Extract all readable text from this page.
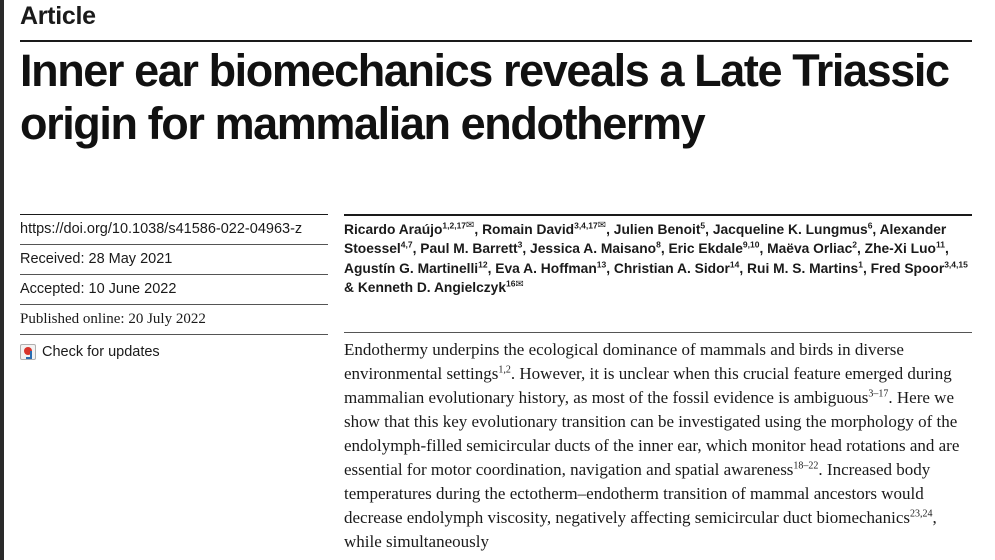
Article
Inner ear biomechanics reveals a Late Triassic origin for mammalian endothermy
https://doi.org/10.1038/s41586-022-04963-z
Received: 28 May 2021
Accepted: 10 June 2022
Published online: 20 July 2022
Check for updates
Ricardo Araújo$^{1,2,17}$✉, Romain David$^{3,4,17}$✉, Julien Benoit$^5$, Jacqueline K. Lungmus$^6$, Alexander Stoessel$^{4,7}$, Paul M. Barrett$^3$, Jessica A. Maisano$^8$, Eric Ekdale$^{9,10}$, Maëva Orliac$^2$, Zhe-Xi Luo$^{11}$, Agustín G. Martinelli$^{12}$, Eva A. Hoffman$^{13}$, Christian A. Sidor$^{14}$, Rui M. S. Martins$^1$, Fred Spoor$^{3,4,15}$ & Kenneth D. Angielczyk$^{16}$✉

Endothermy underpins the ecological dominance of mammals and birds in diverse environmental settings$^{1,2}$. However, it is unclear when this crucial feature emerged during mammalian evolutionary history, as most of the fossil evidence is ambiguous$^{3-17}$. Here we show that this key evolutionary transition can be investigated using the morphology of the endolymph-filled semicircular ducts of the inner ear, which monitor head rotations and are essential for motor coordination, navigation and spatial awareness$^{18-22}$. Increased body temperatures during the ectotherm–endotherm transition of mammal ancestors would decrease endolymph viscosity, negatively affecting semicircular duct biomechanics$^{23,24}$, while simultaneously
